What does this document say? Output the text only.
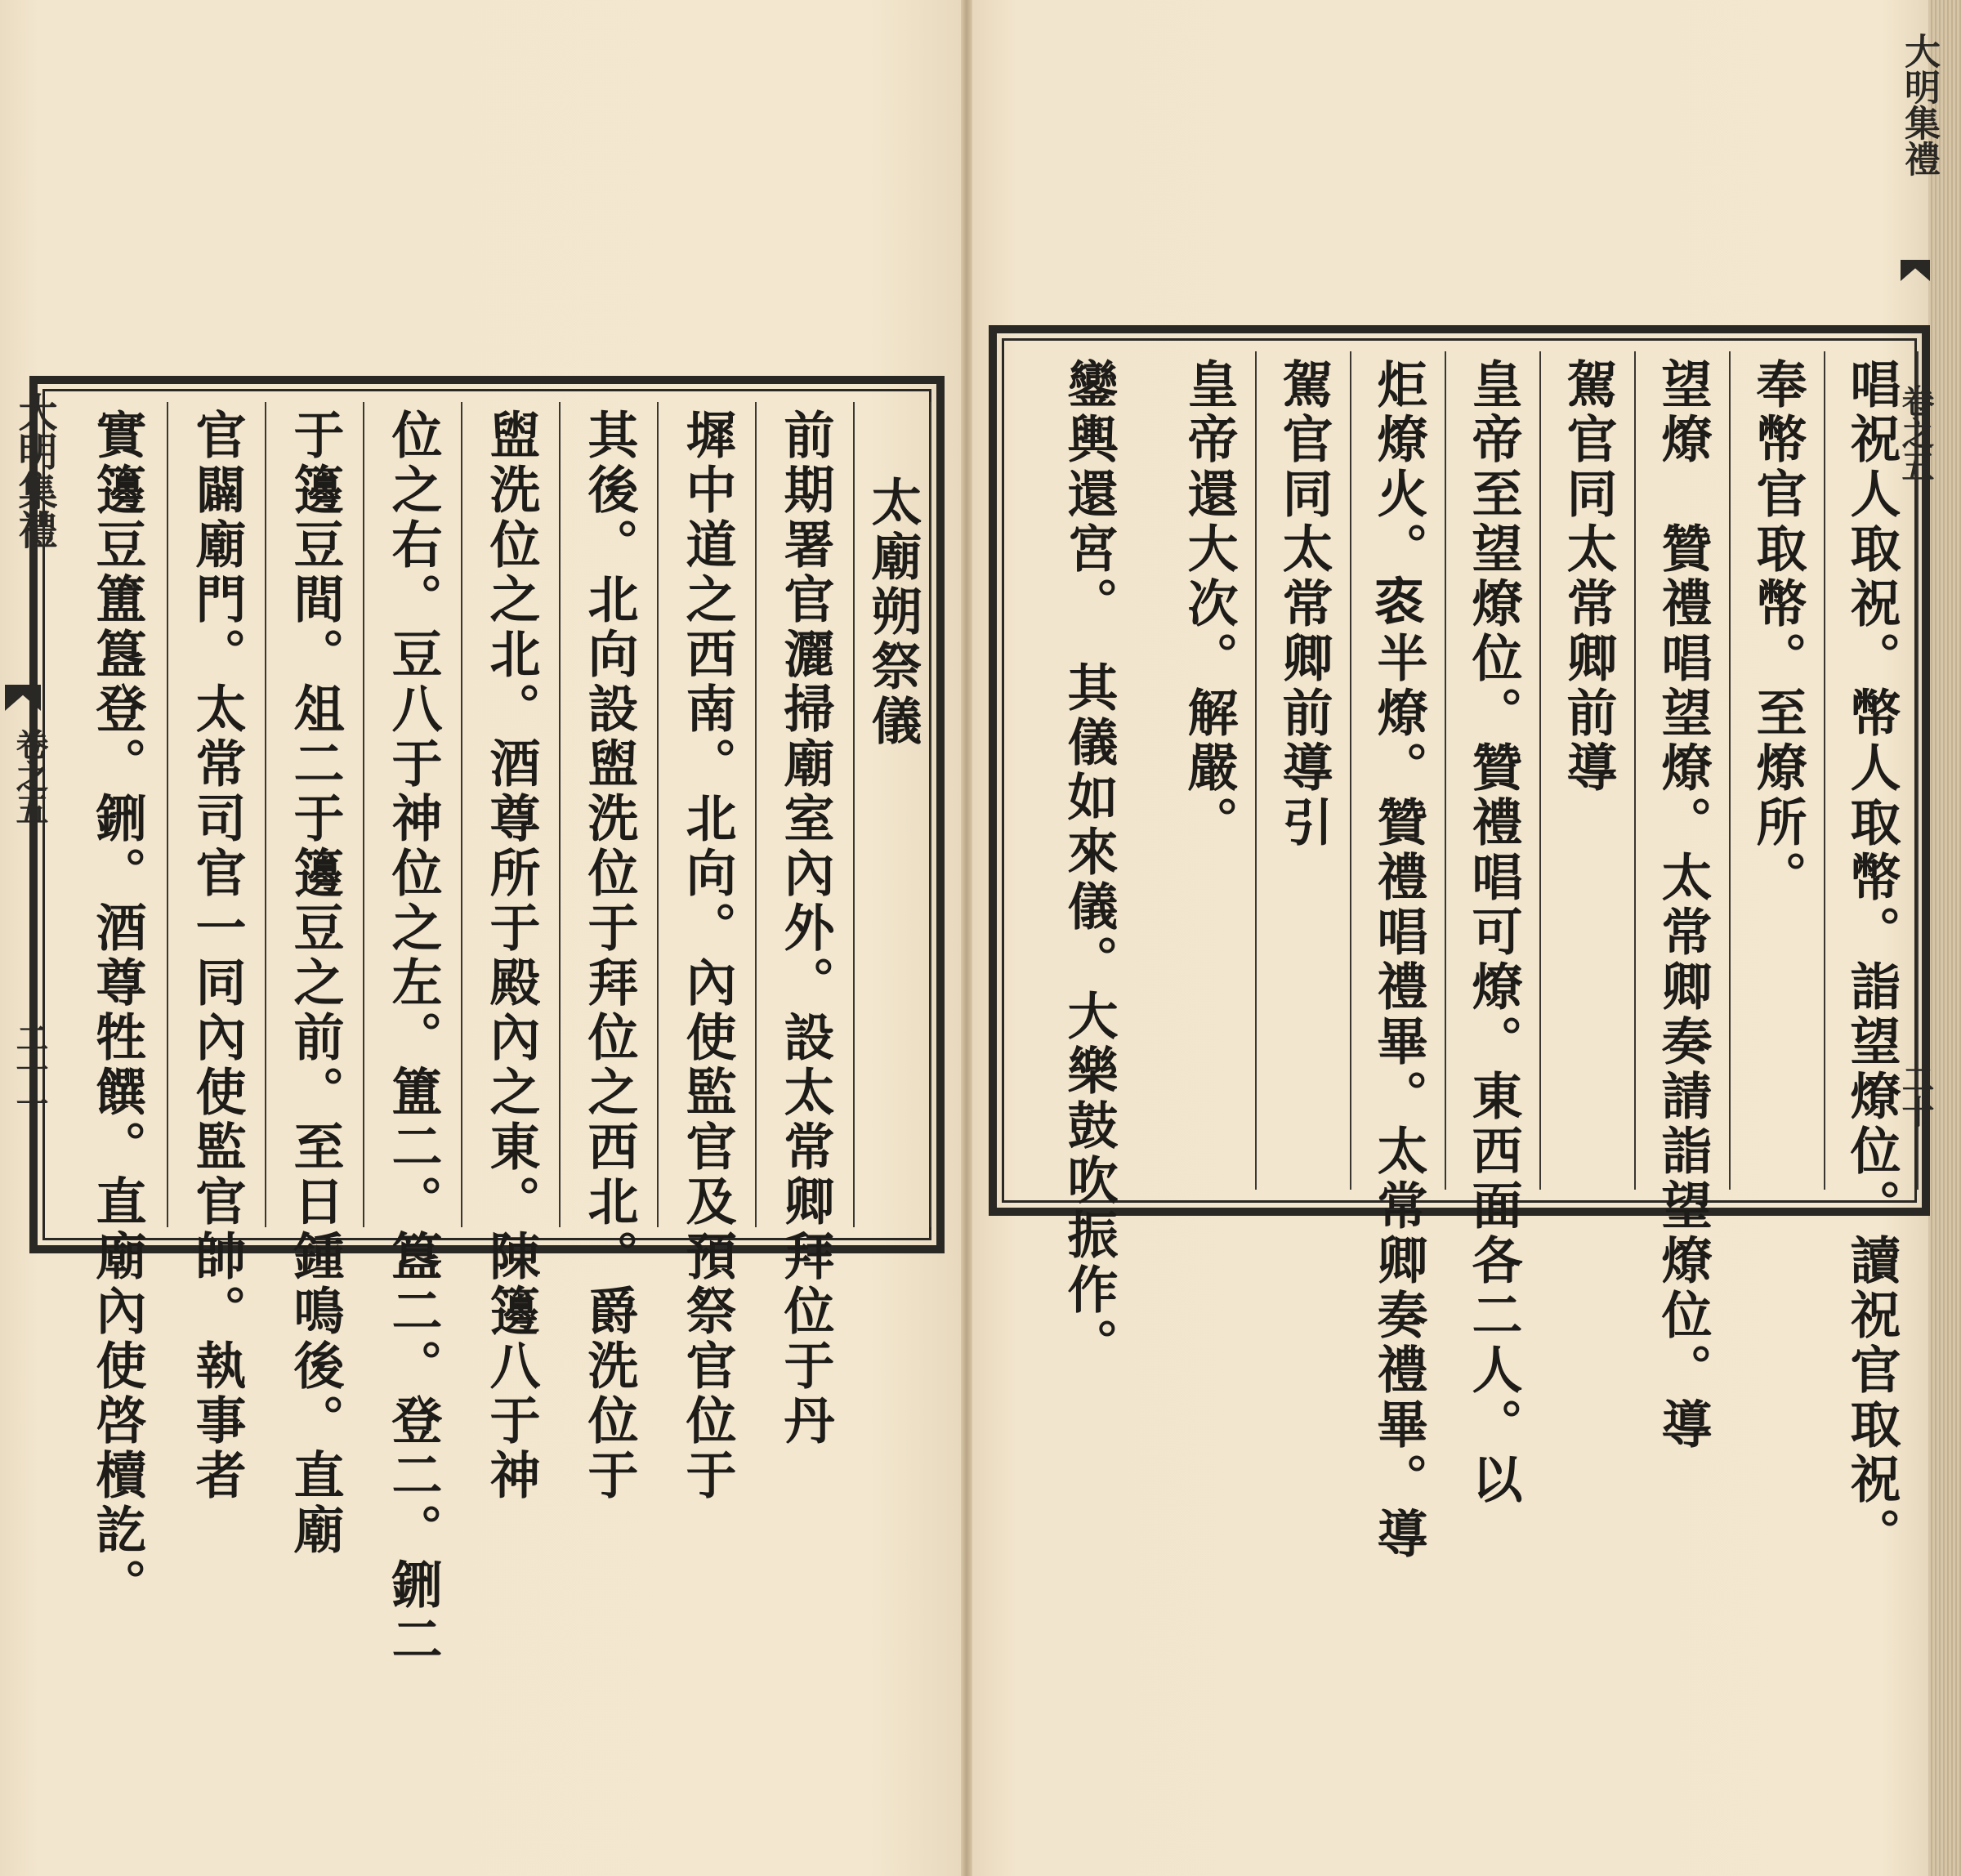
太廟朔祭儀
前期署官灑掃廟室內外。設太常卿拜位于丹
墀中道之西南。北向。內使監官及預祭官位于
其後。北向設盥洗位于拜位之西北。爵洗位于
盥洗位之北。酒尊所于殿內之東。陳籩八于神
位之右。豆八于神位之左。簠二。簋二。登二。鉶二
于籩豆間。俎二于籩豆之前。至日鍾鳴後。直廟
官闢廟門。太常司官一同內使監官帥。執事者
實籩豆簠簋登。鉶。酒尊牲饌。直廟內使啓櫝訖。
大明集禮
卷之五
二十一	唱祝人取祝。幣人取幣。詣望燎位。讀祝官取祝。
奉幣官取幣。至燎所。
望燎　贊禮唱望燎。太常卿奏請詣望燎位。導
駕官同太常卿前導
皇帝至望燎位。贊禮唱可燎。東西面各二人。以
炬燎火。𤇯半燎。贊禮唱禮畢。太常卿奏禮畢。導
駕官同太常卿前導引
皇帝還大次。解嚴。
鑾輿還宮。　其儀如來儀。大樂鼓吹振作。
大明集禮
卷之五
二十
